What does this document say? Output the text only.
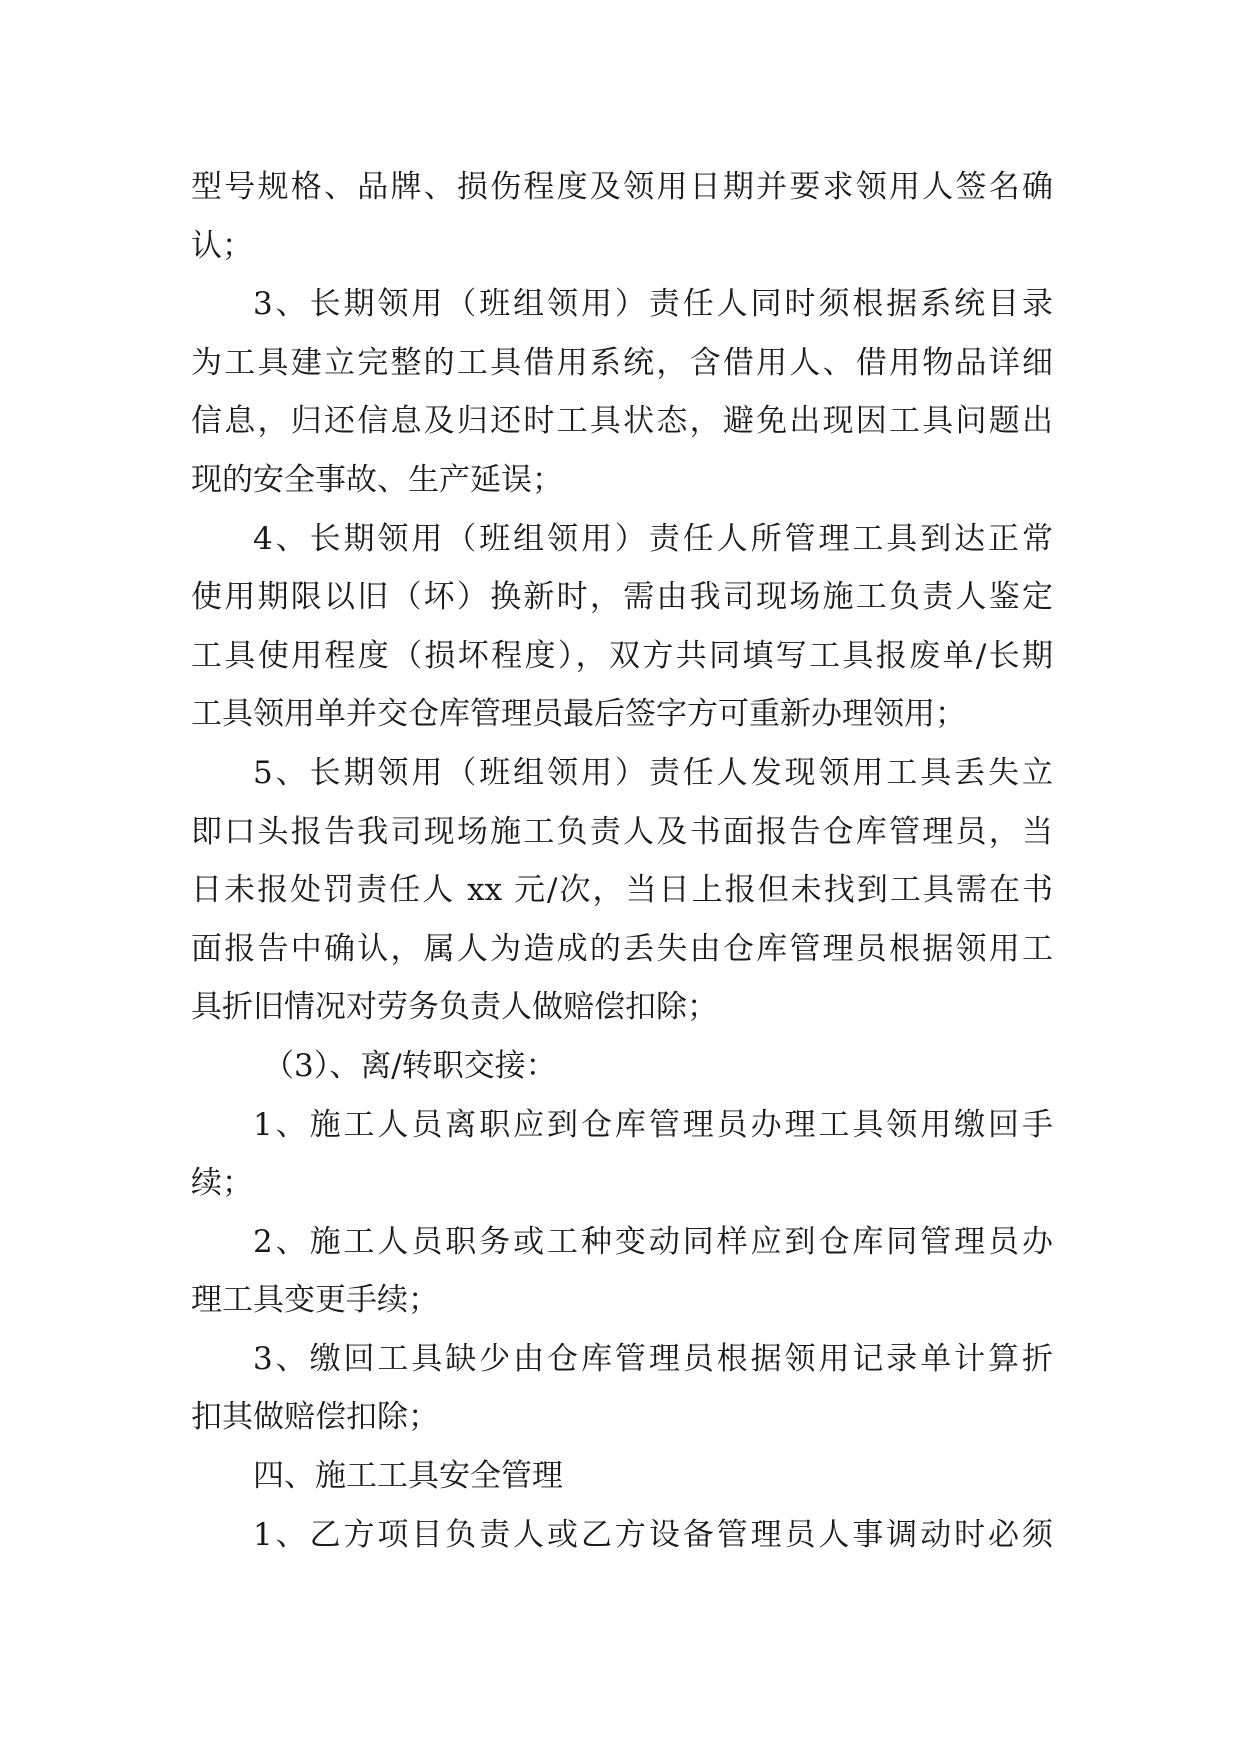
型号规格、品牌、损伤程度及领用日期并要求领用人签名确
认；
3、长期领用（班组领用）责任人同时须根据系统目录
为工具建立完整的工具借用系统，含借用人、借用物品详细
信息，归还信息及归还时工具状态，避免出现因工具问题出
现的安全事故、生产延误；
4、长期领用（班组领用）责任人所管理工具到达正常
使用期限以旧（坏）换新时，需由我司现场施工负责人鉴定
工具使用程度（损坏程度），双方共同填写工具报废单/长期
工具领用单并交仓库管理员最后签字方可重新办理领用；
5、长期领用（班组领用）责任人发现领用工具丢失立
即口头报告我司现场施工负责人及书面报告仓库管理员，当
日未报处罚责任人 xx 元/次，当日上报但未找到工具需在书
面报告中确认，属人为造成的丢失由仓库管理员根据领用工
具折旧情况对劳务负责人做赔偿扣除；
（3）、离/转职交接：
1、施工人员离职应到仓库管理员办理工具领用缴回手
续；
2、施工人员职务或工种变动同样应到仓库同管理员办
理工具变更手续；
3、缴回工具缺少由仓库管理员根据领用记录单计算折
扣其做赔偿扣除；
四、施工工具安全管理
1、乙方项目负责人或乙方设备管理员人事调动时必须
